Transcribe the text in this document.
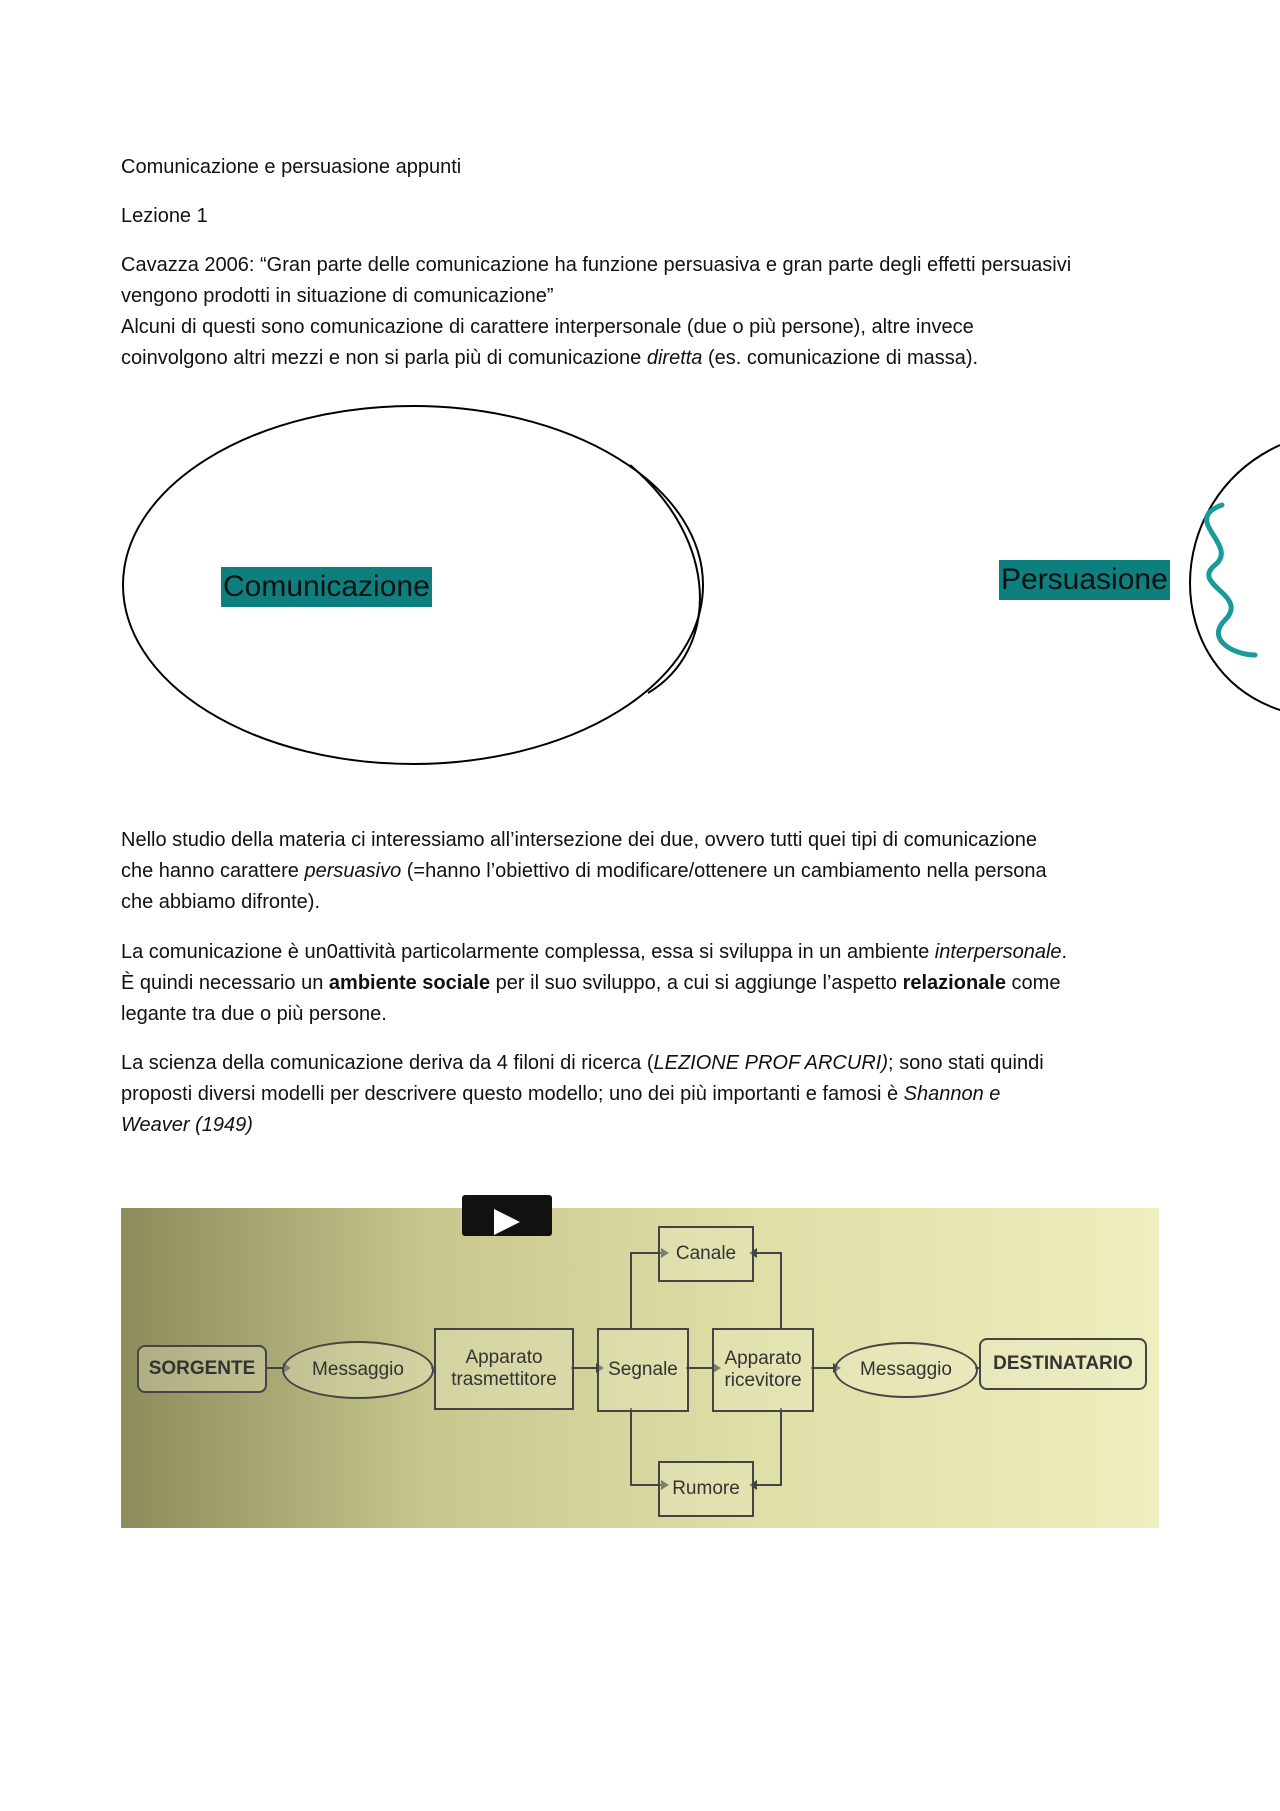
Comunicazione e persuasione appunti

Lezione 1

Cavazza 2006: “Gran parte delle comunicazione ha funzione persuasiva e gran parte degli effetti persuasivi

vengono prodotti in situazione di comunicazione”

Alcuni di questi sono comunicazione di carattere interpersonale (due o più persone), altre invece

coinvolgono altri mezzi e non si parla più di comunicazione diretta (es. comunicazione di massa).

Comunicazione	Persuasione

Nello studio della materia ci interessiamo all’intersezione dei due, ovvero tutti quei tipi di comunicazione

che hanno carattere persuasivo (=hanno l’obiettivo di modificare/ottenere un cambiamento nella persona

che abbiamo difronte).

La comunicazione è un0attività particolarmente complessa, essa si sviluppa in un ambiente interpersonale.

È quindi necessario un ambiente sociale per il suo sviluppo, a cui si aggiunge l’aspetto relazionale come

legante tra due o più persone.

La scienza della comunicazione deriva da 4 filoni di ricerca (LEZIONE PROF ARCURI); sono stati quindi

proposti diversi modelli per descrivere questo modello; uno dei più importanti e famosi è Shannon e

Weaver (1949)

SORGENTE	Messaggio
Apparato trasmettitore	Segnale
Apparato ricevitore
Messaggio	DESTINATARIO
Canale
Rumore
